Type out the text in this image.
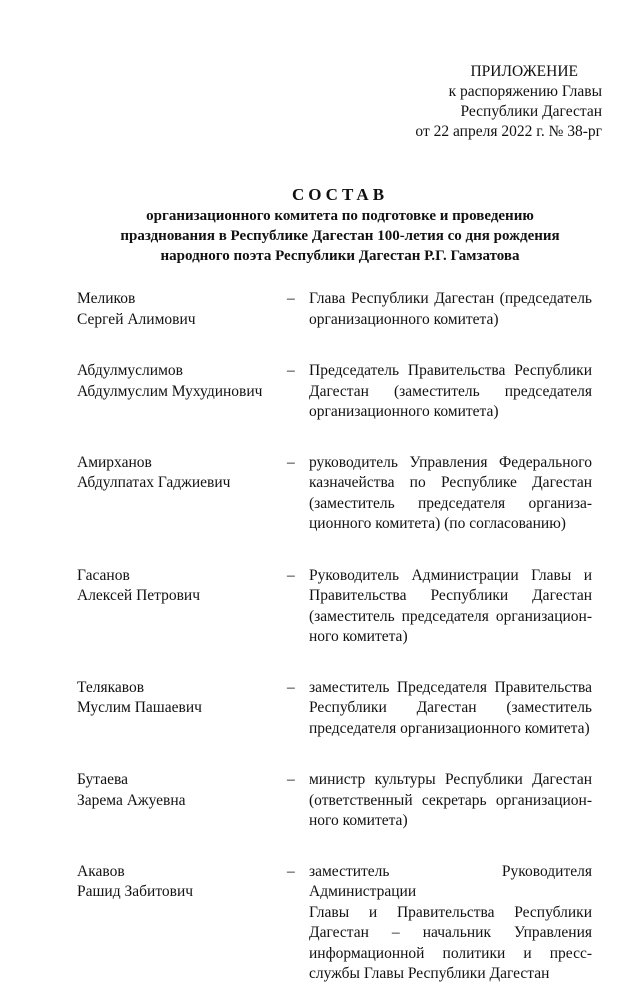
ПРИЛОЖЕНИЕ
к распоряжению Главы
Республики Дагестан
от 22 апреля 2022 г. № 38-рг
СОСТАВ
организационного комитета по подготовке и проведению
празднования в Республике Дагестан 100-летия со дня рождения
народного поэта Республики Дагестан Р.Г. Гамзатова
Меликов
Сергей Алимович
– Глава Республики Дагестан (председатель
организационного комитета)
Абдулмуслимов
Абдулмуслим Мухудинович
– Председатель Правительства Республики
Дагестан (заместитель председателя
организационного комитета)
Амирханов
Абдулпатах Гаджиевич
– руководитель Управления Федерального
казначейства по Республике Дагестан
(заместитель председателя организа-
ционного комитета) (по согласованию)
Гасанов
Алексей Петрович
– Руководитель Администрации Главы и
Правительства Республики Дагестан
(заместитель председателя организацион-
ного комитета)
Телякавов
Муслим Пашаевич
– заместитель Председателя Правительства
Республики Дагестан (заместитель
председателя организационного комитета)
Бутаева
Зарема Ажуевна
– министр культуры Республики Дагестан
(ответственный секретарь организацион-
ного комитета)
Акавов
Рашид Забитович
– заместитель Руководителя Администрации
Главы и Правительства Республики
Дагестан – начальник Управления
информационной политики и пресс-
службы Главы Республики Дагестан
